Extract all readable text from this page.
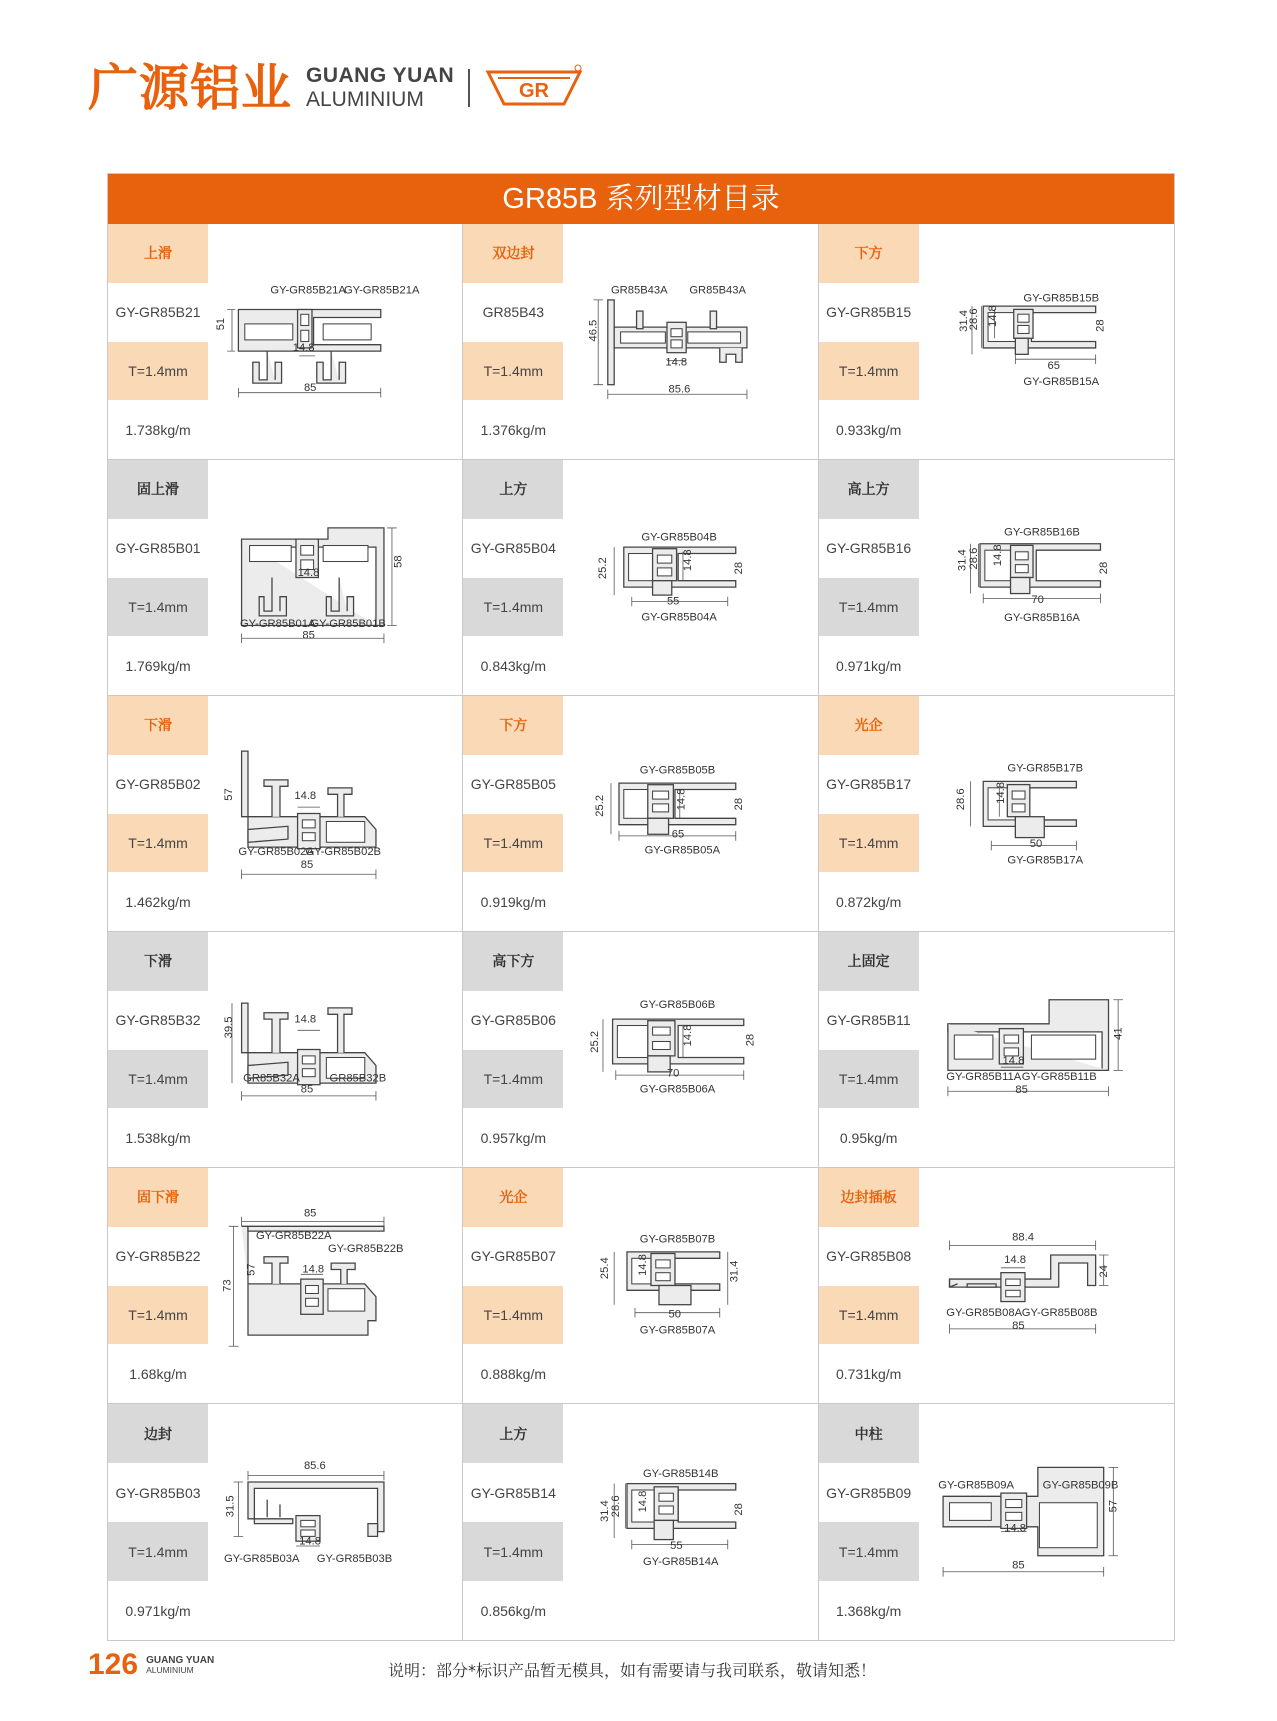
广源铝业 GUANG YUAN
ALUMINIUM	GR
GR85B 系列型材目录
上滑
GY-GR85B21
T=1.4mm
1.738kg/m
GY-GR85B21A
GY-GR85B21A
51
14.8
85
双边封
GR85B43
T=1.4mm
1.376kg/m
GR85B43A GR85B43A
46.5
14.8
85.6
下方
GY-GR85B15
T=1.4mm
0.933kg/m
GY-GR85B15B
31.4
28.6 14.8	28
65
GY-GR85B15A
固上滑
GY-GR85B01
T=1.4mm
1.769kg/m
14.8
58
GY-GR85B01A
GY-GR85B01B
85
上方
GY-GR85B04
T=1.4mm
0.843kg/m
GY-GR85B04B
25.2	14.8	28
55
GY-GR85B04A
高上方
GY-GR85B16
T=1.4mm
0.971kg/m
GY-GR85B16B
31.4 28.6 14.8
28
70
GY-GR85B16A
下滑
GY-GR85B02
T=1.4mm
1.462kg/m
57	14.8
GY-GR85B02A
GY-GR85B02B
85
下方
GY-GR85B05
T=1.4mm
0.919kg/m
GY-GR85B05B
25.2	14.8	28
65
GY-GR85B05A
光企
GY-GR85B17
T=1.4mm
0.872kg/m
GY-GR85B17B
28.6 14.8
50
GY-GR85B17A
下滑
GY-GR85B32
T=1.4mm
1.538kg/m
39.5	14.8
GR85B32A GR85B32B
85
高下方
GY-GR85B06
T=1.4mm
0.957kg/m
GY-GR85B06B
25.2	14.8	28
70
GY-GR85B06A
上固定
GY-GR85B11
T=1.4mm
0.95kg/m
41
14.8
GY-GR85B11A GY-GR85B11B
85
固下滑
GY-GR85B22
T=1.4mm
1.68kg/m
85
GY-GR85B22A
GY-GR85B22B
57	14.8
73
光企
GY-GR85B07
T=1.4mm
0.888kg/m
GY-GR85B07B
25.4 14.8	31.4
50
GY-GR85B07A
边封插板
GY-GR85B08
T=1.4mm
0.731kg/m
88.4
14.8
24
GY-GR85B08A GY-GR85B08B
85
边封
GY-GR85B03
T=1.4mm
0.971kg/m
85.6
31.5
14.8
GY-GR85B03A GY-GR85B03B
上方
GY-GR85B14
T=1.4mm
0.856kg/m
GY-GR85B14B
31.4 28.6 14.8	28
55
GY-GR85B14A
中柱
GY-GR85B09
T=1.4mm
1.368kg/m
GY-GR85B09A GY-GR85B09B
14.8
57
85
126 GUANG YUAN
ALUMINIUM	说明：部分*标识产品暂无模具，如有需要请与我司联系，敬请知悉！
